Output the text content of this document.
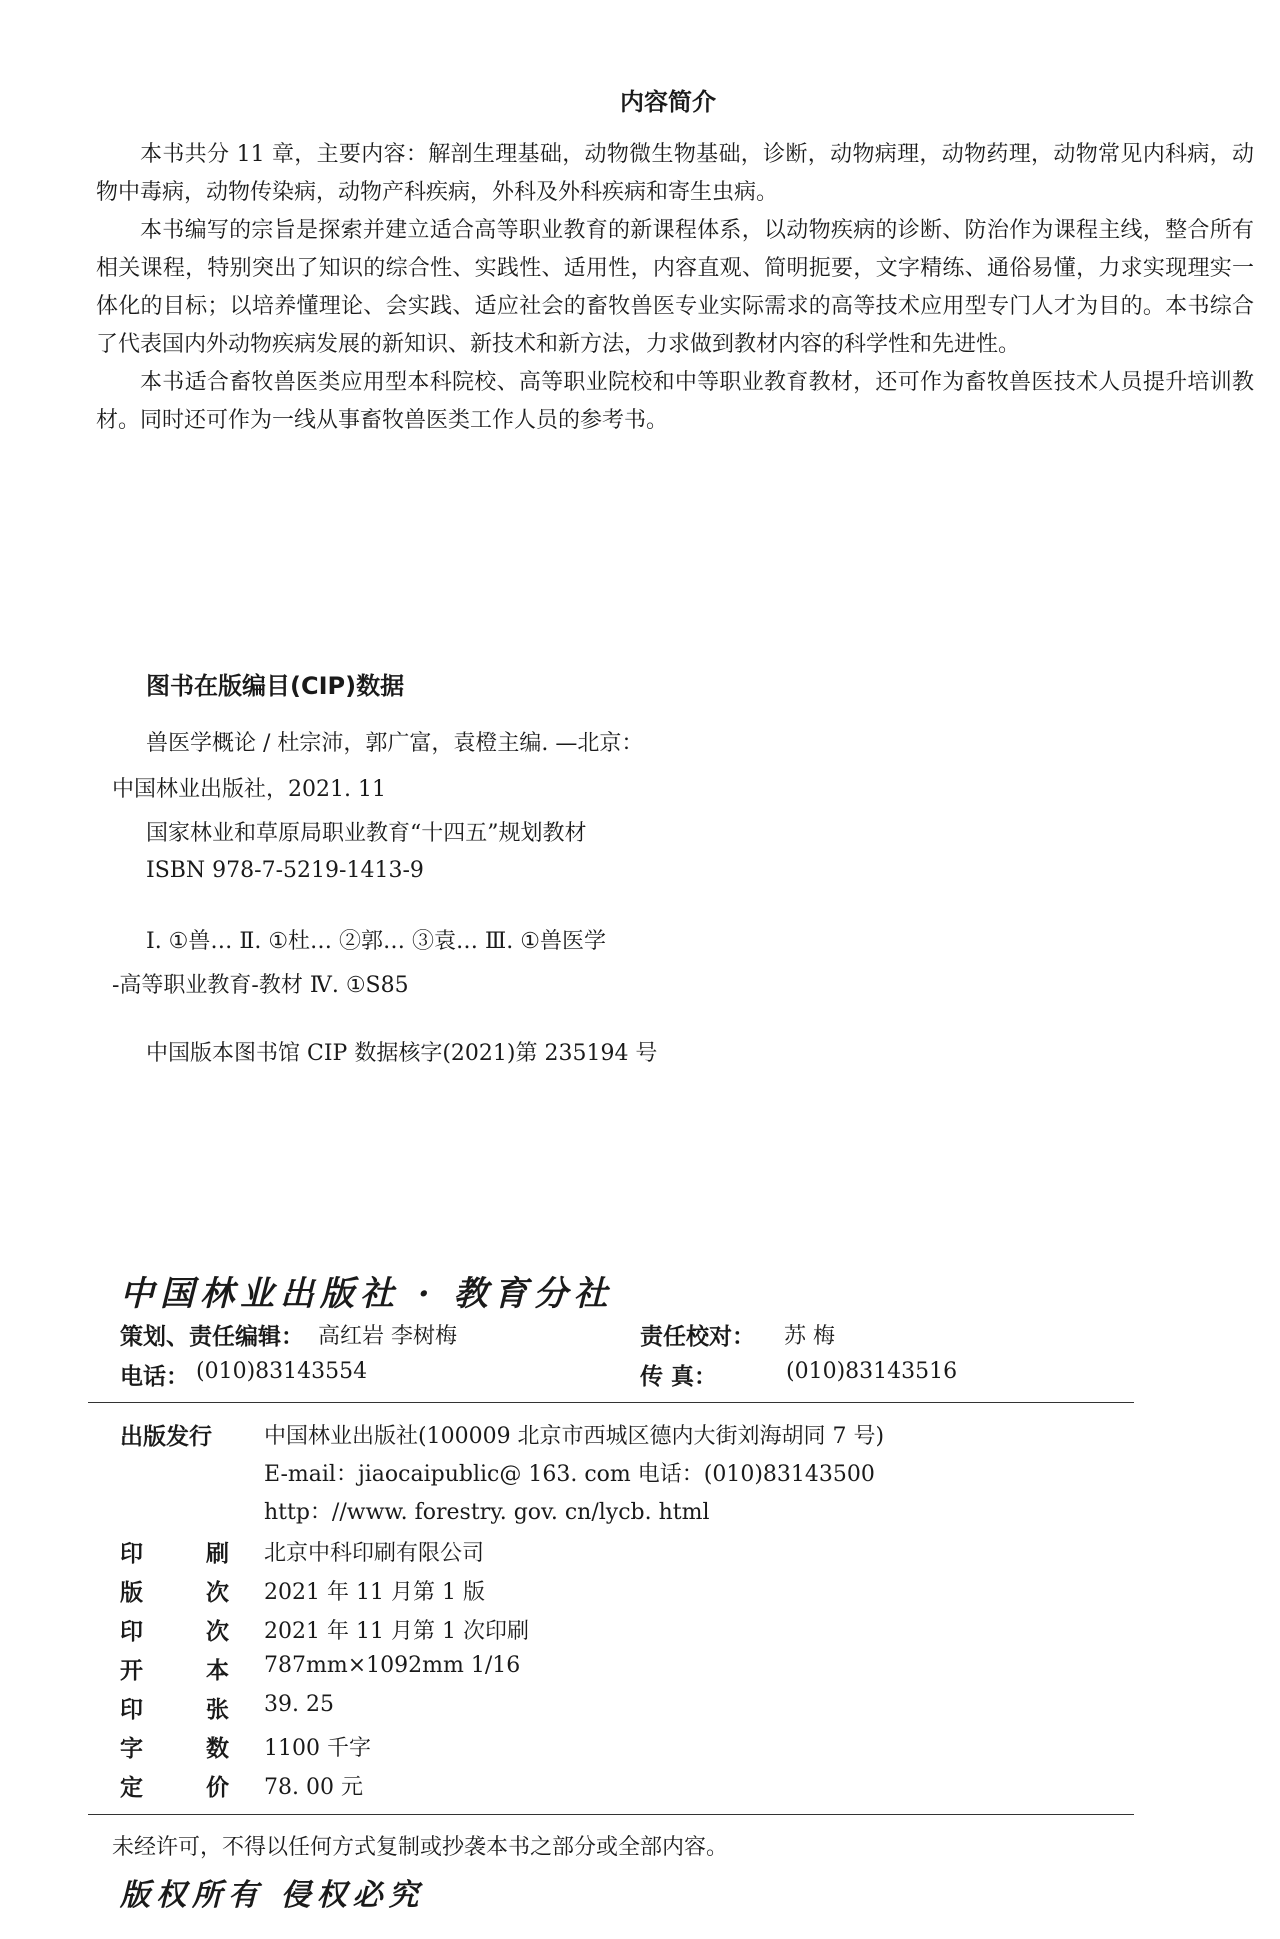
内容简介

本书共分 11 章，主要内容：解剖生理基础，动物微生物基础，诊断，动物病理，动物药理，动物常见内科病，动物中毒病，动物传染病，动物产科疾病，外科及外科疾病和寄生虫病。

本书编写的宗旨是探索并建立适合高等职业教育的新课程体系，以动物疾病的诊断、防治作为课程主线，整合所有相关课程，特别突出了知识的综合性、实践性、适用性，内容直观、简明扼要，文字精练、通俗易懂，力求实现理实一体化的目标；以培养懂理论、会实践、适应社会的畜牧兽医专业实际需求的高等技术应用型专门人才为目的。本书综合了代表国内外动物疾病发展的新知识、新技术和新方法，力求做到教材内容的科学性和先进性。

本书适合畜牧兽医类应用型本科院校、高等职业院校和中等职业教育教材，还可作为畜牧兽医技术人员提升培训教材。同时还可作为一线从事畜牧兽医类工作人员的参考书。

图书在版编目(CIP)数据
兽医学概论 / 杜宗沛，郭广富，袁橙主编. —北京：
中国林业出版社，2021. 11
国家林业和草原局职业教育“十四五”规划教材
ISBN 978-7-5219-1413-9
Ⅰ. ①兽… Ⅱ. ①杜… ②郭… ③袁… Ⅲ. ①兽医学
-高等职业教育-教材 Ⅳ. ①S85
中国版本图书馆 CIP 数据核字(2021)第 235194 号
中国林业出版社 · 教育分社
策划、责任编辑： 高红岩 李树梅	责任校对： 苏 梅
电话： (010)83143554	传 真：	(010)83143516
出版发行 中国林业出版社(100009 北京市西城区德内大街刘海胡同 7 号)
E-mail：jiaocaipublic@ 163. com 电话：(010)83143500
http：//www. forestry. gov. cn/lycb. html
印	刷 北京中科印刷有限公司
版	次 2021 年 11 月第 1 版
印	次 2021 年 11 月第 1 次印刷
开	本 787mm×1092mm 1/16
印	张 39. 25
字	数 1100 千字
定	价 78. 00 元
未经许可，不得以任何方式复制或抄袭本书之部分或全部内容。
版权所有 侵权必究
